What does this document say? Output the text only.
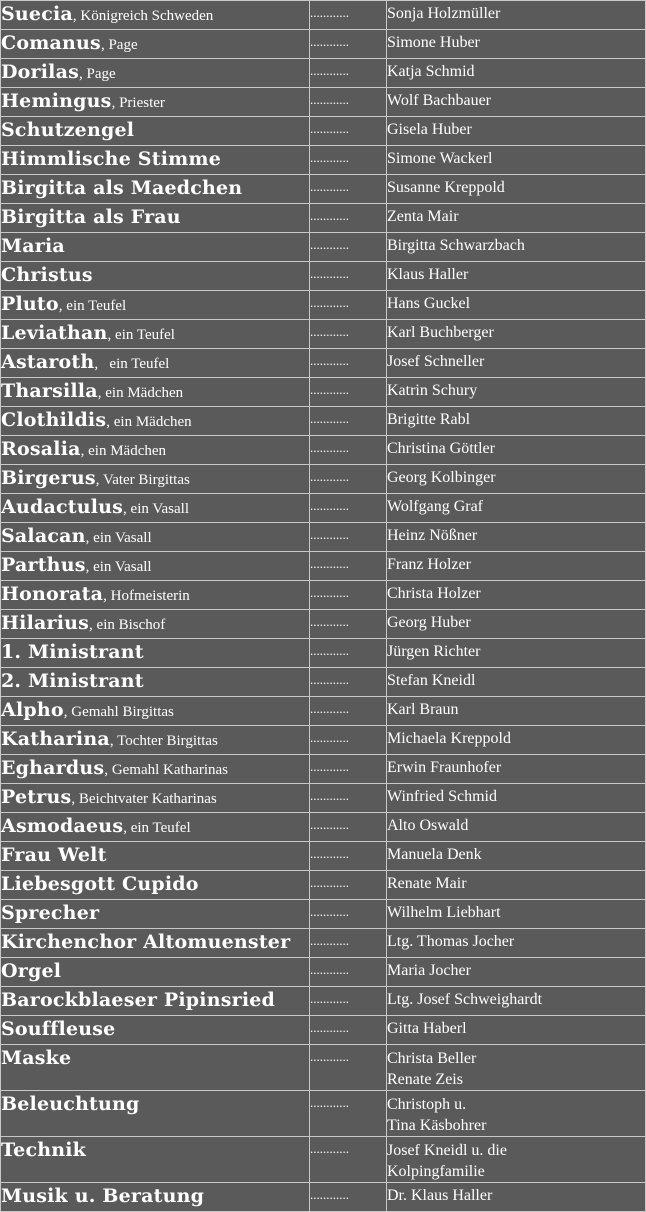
Suecia, Königreich Schweden	............	Sonja Holzmüller

Comanus, Page	............	Simone Huber

Dorilas, Page	............	Katja Schmid

Hemingus, Priester	............	Wolf Bachbauer

Schutzengel	............	Gisela Huber

Himmlische Stimme	............	Simone Wackerl

Birgitta als Maedchen	............	Susanne Kreppold

Birgitta als Frau	............	Zenta Mair

Maria	............	Birgitta Schwarzbach

Christus	............	Klaus Haller

Pluto, ein Teufel	............	Hans Guckel

Leviathan, ein Teufel	............	Karl Buchberger

Astaroth,   ein Teufel	............	Josef Schneller

Tharsilla, ein Mädchen	............	Katrin Schury

Clothildis, ein Mädchen	............	Brigitte Rabl

Rosalia, ein Mädchen	............	Christina Göttler

Birgerus, Vater Birgittas	............	Georg Kolbinger

Audactulus, ein Vasall	............	Wolfgang Graf

Salacan, ein Vasall	............	Heinz Nößner

Parthus, ein Vasall	............	Franz Holzer

Honorata, Hofmeisterin	............	Christa Holzer

Hilarius, ein Bischof	............	Georg Huber

1. Ministrant	............	Jürgen Richter

2. Ministrant	............	Stefan Kneidl

Alpho, Gemahl Birgittas	............	Karl Braun

Katharina, Tochter Birgittas	............	Michaela Kreppold

Eghardus, Gemahl Katharinas	............	Erwin Fraunhofer

Petrus, Beichtvater Katharinas	............	Winfried Schmid

Asmodaeus, ein Teufel	............	Alto Oswald

Frau Welt	............	Manuela Denk

Liebesgott Cupido	............	Renate Mair

Sprecher	............	Wilhelm Liebhart

Kirchenchor Altomuenster	............	Ltg. Thomas Jocher

Orgel	............	Maria Jocher

Barockblaeser Pipinsried	............	Ltg. Josef Schweighardt

Souffleuse	............	Gitta Haberl

Maske	............	Christa Beller
Renate Zeis

Beleuchtung	............	Christoph u.
Tina Käsbohrer

Technik	............	Josef Kneidl u. die
Kolpingfamilie

Musik u. Beratung	............	Dr. Klaus Haller
